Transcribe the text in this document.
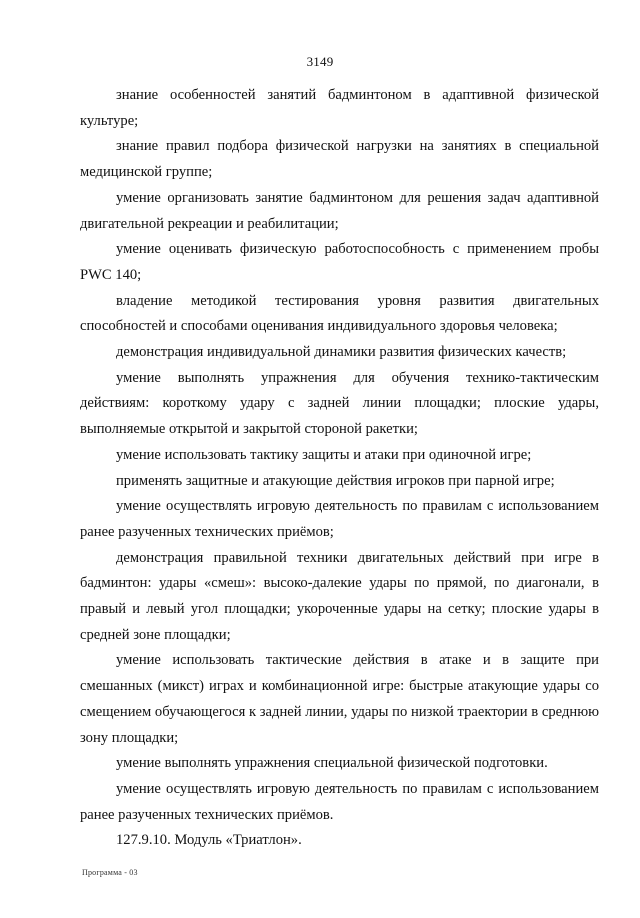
3149

знание особенностей занятий бадминтоном в адаптивной физической культуре;

знание правил подбора физической нагрузки на занятиях в специальной медицинской группе;

умение организовать занятие бадминтоном для решения задач адаптивной двигательной рекреации и реабилитации;

умение оценивать физическую работоспособность с применением пробы PWC 140;

владение методикой тестирования уровня развития двигательных способностей и способами оценивания индивидуального здоровья человека;

демонстрация индивидуальной динамики развития физических качеств;

умение выполнять упражнения для обучения технико-тактическим действиям: короткому удару с задней линии площадки; плоские удары, выполняемые открытой и закрытой стороной ракетки;

умение использовать тактику защиты и атаки при одиночной игре;

применять защитные и атакующие действия игроков при парной игре;

умение осуществлять игровую деятельность по правилам с использованием ранее разученных технических приёмов;

демонстрация правильной техники двигательных действий при игре в бадминтон: удары «смеш»: высоко-далекие удары по прямой, по диагонали, в правый и левый угол площадки; укороченные удары на сетку; плоские удары в средней зоне площадки;

умение использовать тактические действия в атаке и в защите при смешанных (микст) играх и комбинационной игре: быстрые атакующие удары со смещением обучающегося к задней линии, удары по низкой траектории в среднюю зону площадки;

умение выполнять упражнения специальной физической подготовки.

умение осуществлять игровую деятельность по правилам с использованием ранее разученных технических приёмов.

127.9.10. Модуль «Триатлон».

Программа - 03
